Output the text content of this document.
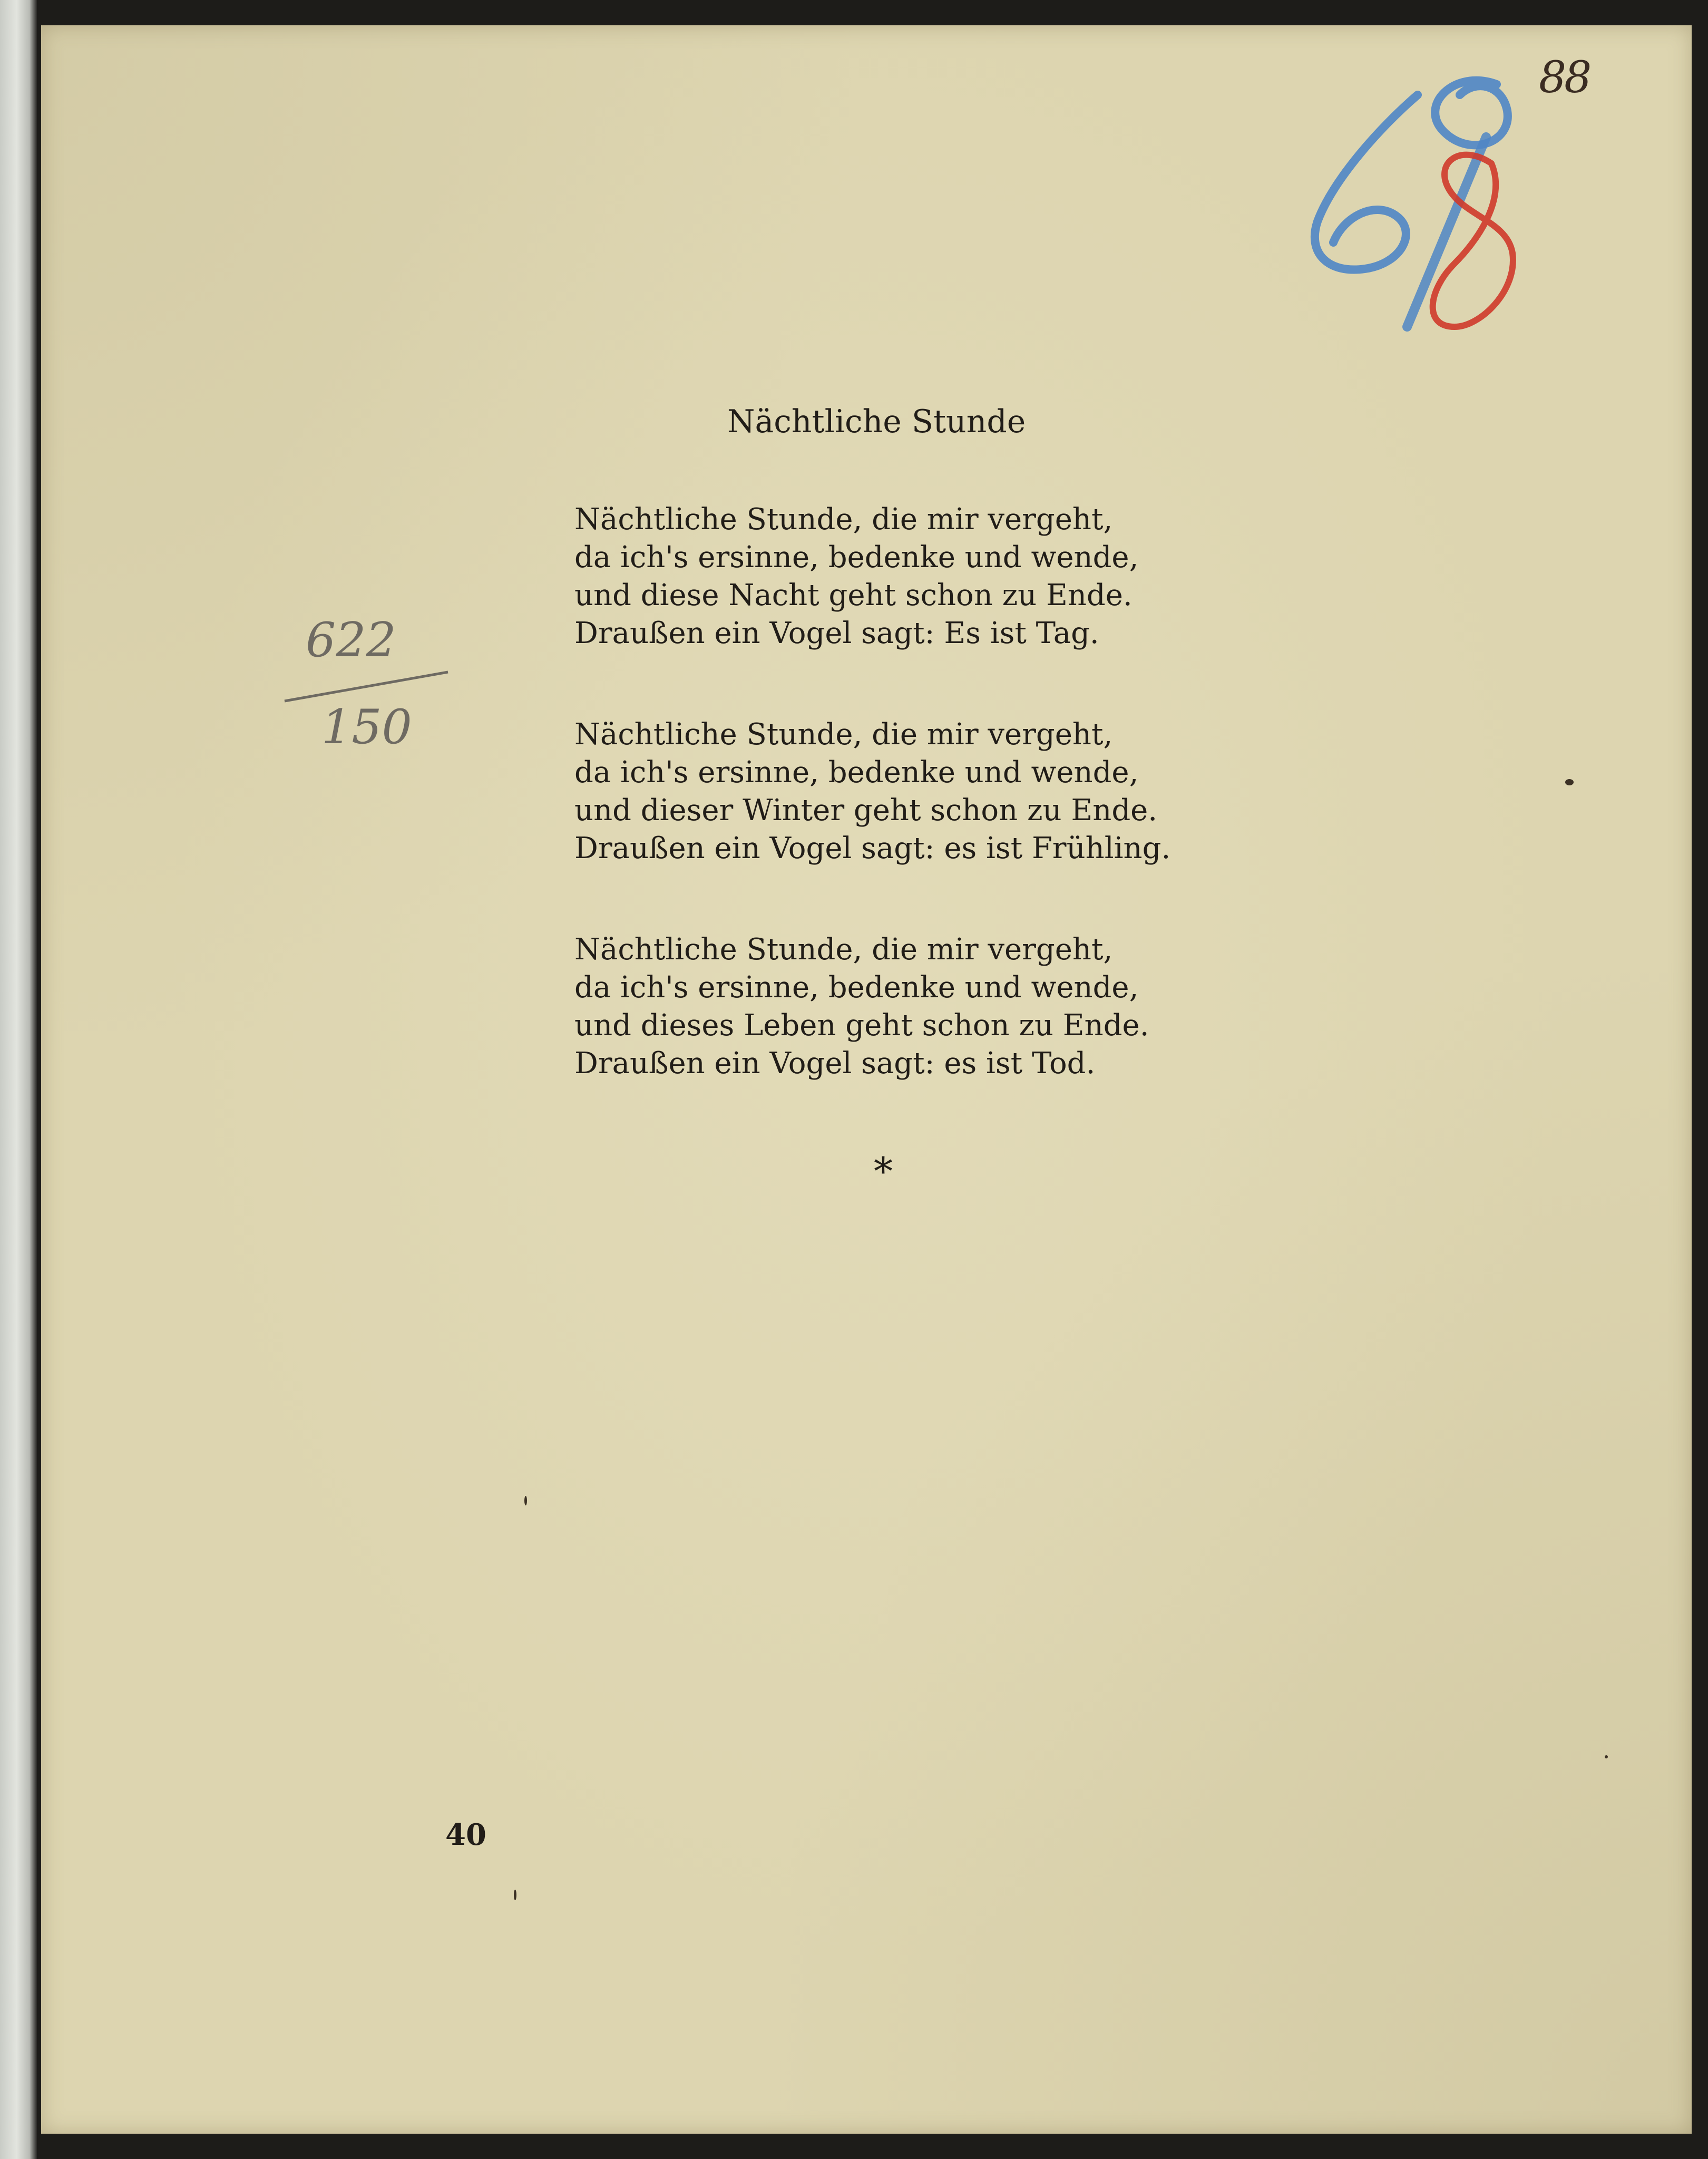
88
622
150
Nächtliche Stunde
Nächtliche Stunde, die mir vergeht,
da ich's ersinne, bedenke und wende,
und diese Nacht geht schon zu Ende.
Draußen ein Vogel sagt: Es ist Tag.
Nächtliche Stunde, die mir vergeht,
da ich's ersinne, bedenke und wende,
und dieser Winter geht schon zu Ende.
Draußen ein Vogel sagt: es ist Frühling.
Nächtliche Stunde, die mir vergeht,
da ich's ersinne, bedenke und wende,
und dieses Leben geht schon zu Ende.
Draußen ein Vogel sagt: es ist Tod.
*
40
